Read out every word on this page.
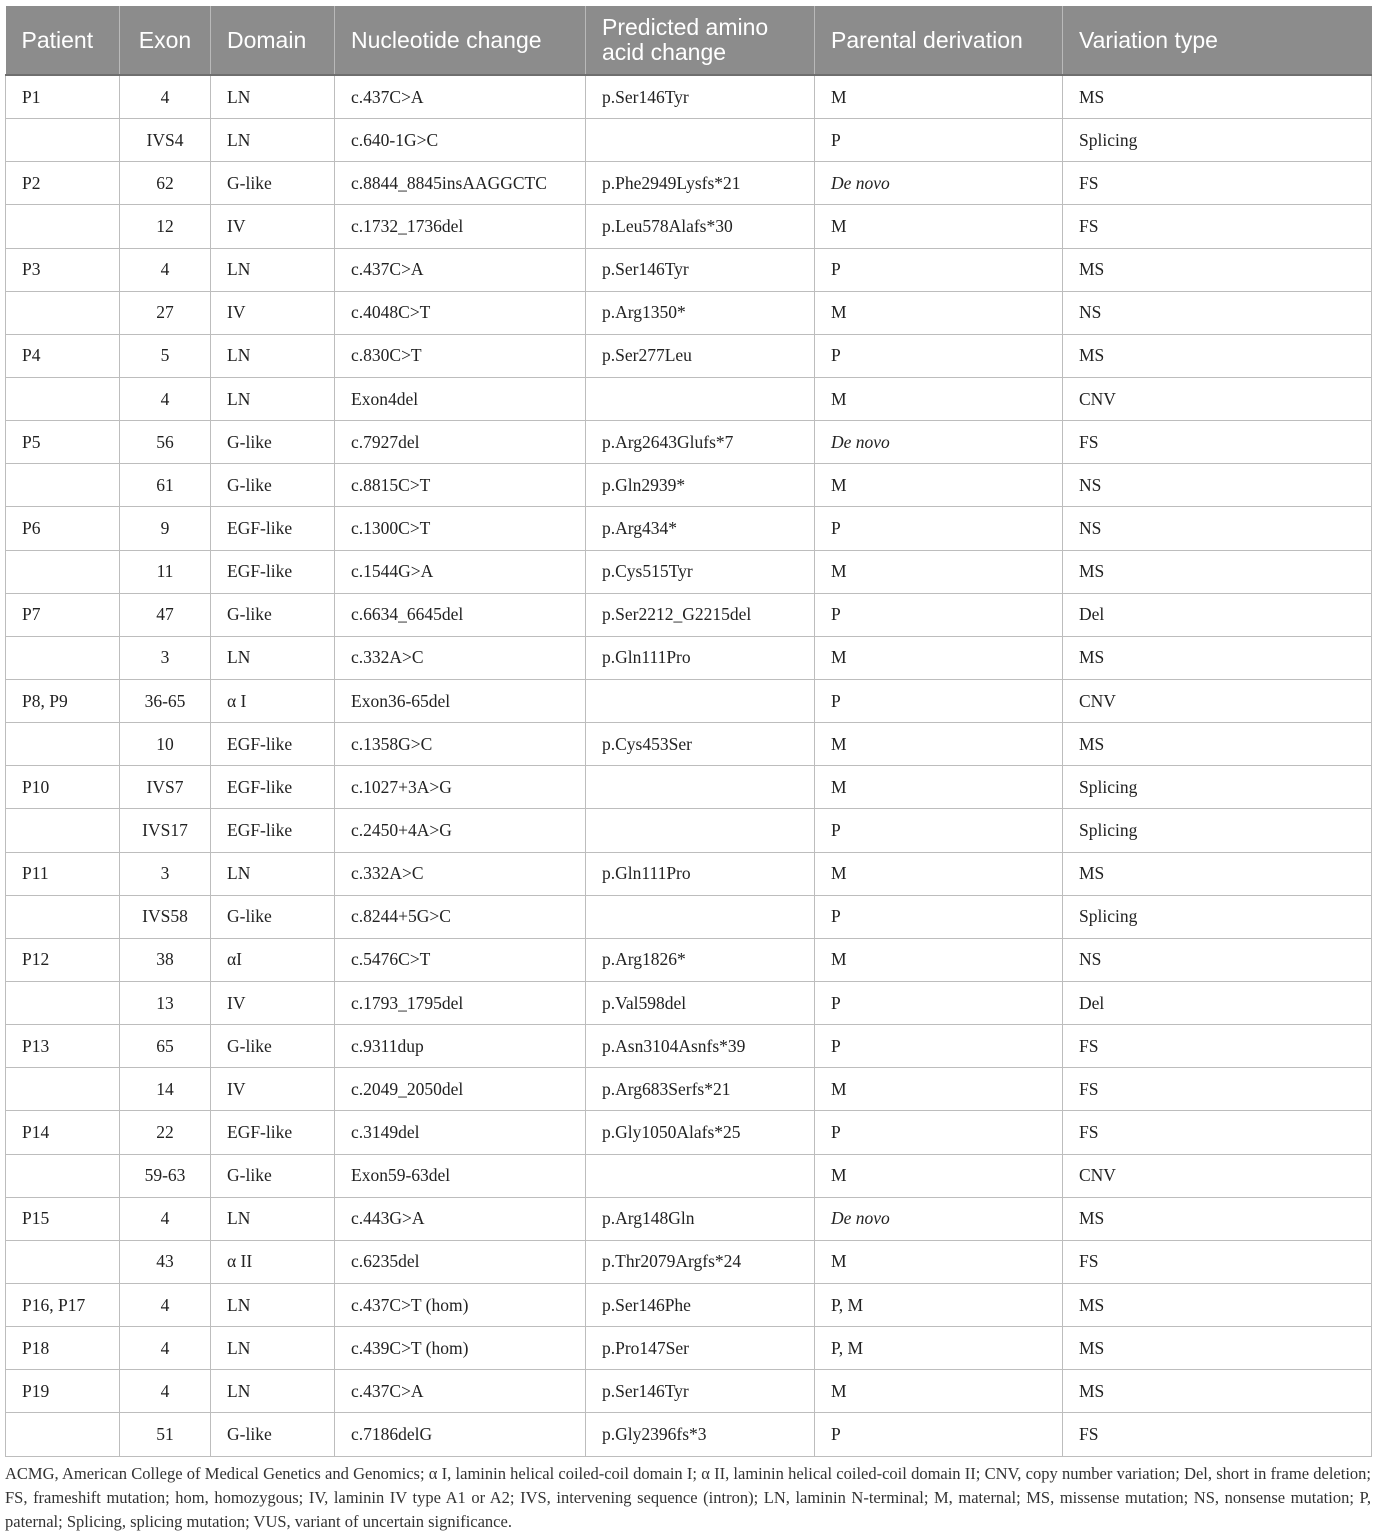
Patient	Exon	Domain	Nucleotide change	Predicted amino acid change	Parental derivation	Variation type
P1	4	LN	c.437C>A	p.Ser146Tyr	M	MS
	IVS4	LN	c.640-1G>C		P	Splicing
P2	62	G-like	c.8844_8845insAAGGCTC	p.Phe2949Lysfs*21	De novo	FS
	12	IV	c.1732_1736del	p.Leu578Alafs*30	M	FS
P3	4	LN	c.437C>A	p.Ser146Tyr	P	MS
	27	IV	c.4048C>T	p.Arg1350*	M	NS
P4	5	LN	c.830C>T	p.Ser277Leu	P	MS
	4	LN	Exon4del		M	CNV
P5	56	G-like	c.7927del	p.Arg2643Glufs*7	De novo	FS
	61	G-like	c.8815C>T	p.Gln2939*	M	NS
P6	9	EGF-like	c.1300C>T	p.Arg434*	P	NS
	11	EGF-like	c.1544G>A	p.Cys515Tyr	M	MS
P7	47	G-like	c.6634_6645del	p.Ser2212_G2215del	P	Del
	3	LN	c.332A>C	p.Gln111Pro	M	MS
P8, P9	36-65	α I	Exon36-65del		P	CNV
	10	EGF-like	c.1358G>C	p.Cys453Ser	M	MS
P10	IVS7	EGF-like	c.1027+3A>G		M	Splicing
	IVS17	EGF-like	c.2450+4A>G		P	Splicing
P11	3	LN	c.332A>C	p.Gln111Pro	M	MS
	IVS58	G-like	c.8244+5G>C		P	Splicing
P12	38	αI	c.5476C>T	p.Arg1826*	M	NS
	13	IV	c.1793_1795del	p.Val598del	P	Del
P13	65	G-like	c.9311dup	p.Asn3104Asnfs*39	P	FS
	14	IV	c.2049_2050del	p.Arg683Serfs*21	M	FS
P14	22	EGF-like	c.3149del	p.Gly1050Alafs*25	P	FS
	59-63	G-like	Exon59-63del		M	CNV
P15	4	LN	c.443G>A	p.Arg148Gln	De novo	MS
	43	α II	c.6235del	p.Thr2079Argfs*24	M	FS
P16, P17	4	LN	c.437C>T (hom)	p.Ser146Phe	P, M	MS
P18	4	LN	c.439C>T (hom)	p.Pro147Ser	P, M	MS
P19	4	LN	c.437C>A	p.Ser146Tyr	M	MS
	51	G-like	c.7186delG	p.Gly2396fs*3	P	FS
ACMG, American College of Medical Genetics and Genomics; α I, laminin helical coiled-coil domain I; α II, laminin helical coiled-coil domain II; CNV, copy number variation; Del, short in frame deletion; FS, frameshift mutation; hom, homozygous; IV, laminin IV type A1 or A2; IVS, intervening sequence (intron); LN, laminin N-terminal; M, maternal; MS, missense mutation; NS, nonsense mutation; P, paternal; Splicing, splicing mutation; VUS, variant of uncertain significance.
